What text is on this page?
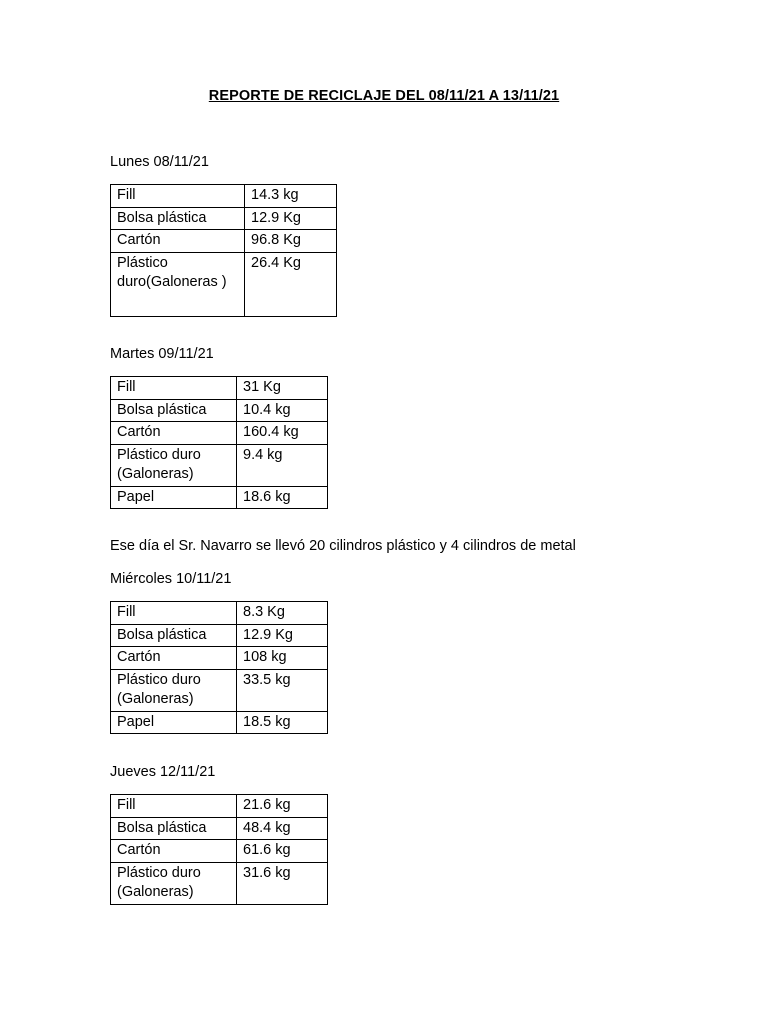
REPORTE DE RECICLAJE DEL 08/11/21 A 13/11/21
Lunes 08/11/21
Fill	14.3 kg
Bolsa plástica	12.9 Kg
Cartón	96.8 Kg
Plástico duro(Galoneras )	26.4 Kg
Martes 09/11/21
Fill	31 Kg
Bolsa plástica	10.4 kg
Cartón	160.4 kg
Plástico duro (Galoneras)	9.4 kg
Papel	18.6 kg
Ese día el Sr. Navarro se llevó 20 cilindros plástico y 4 cilindros de metal
Miércoles 10/11/21
Fill	8.3 Kg
Bolsa plástica	12.9 Kg
Cartón	108 kg
Plástico duro (Galoneras)	33.5 kg
Papel	18.5 kg
Jueves 12/11/21
Fill	21.6 kg
Bolsa plástica	48.4 kg
Cartón	61.6 kg
Plástico duro (Galoneras)	31.6 kg
